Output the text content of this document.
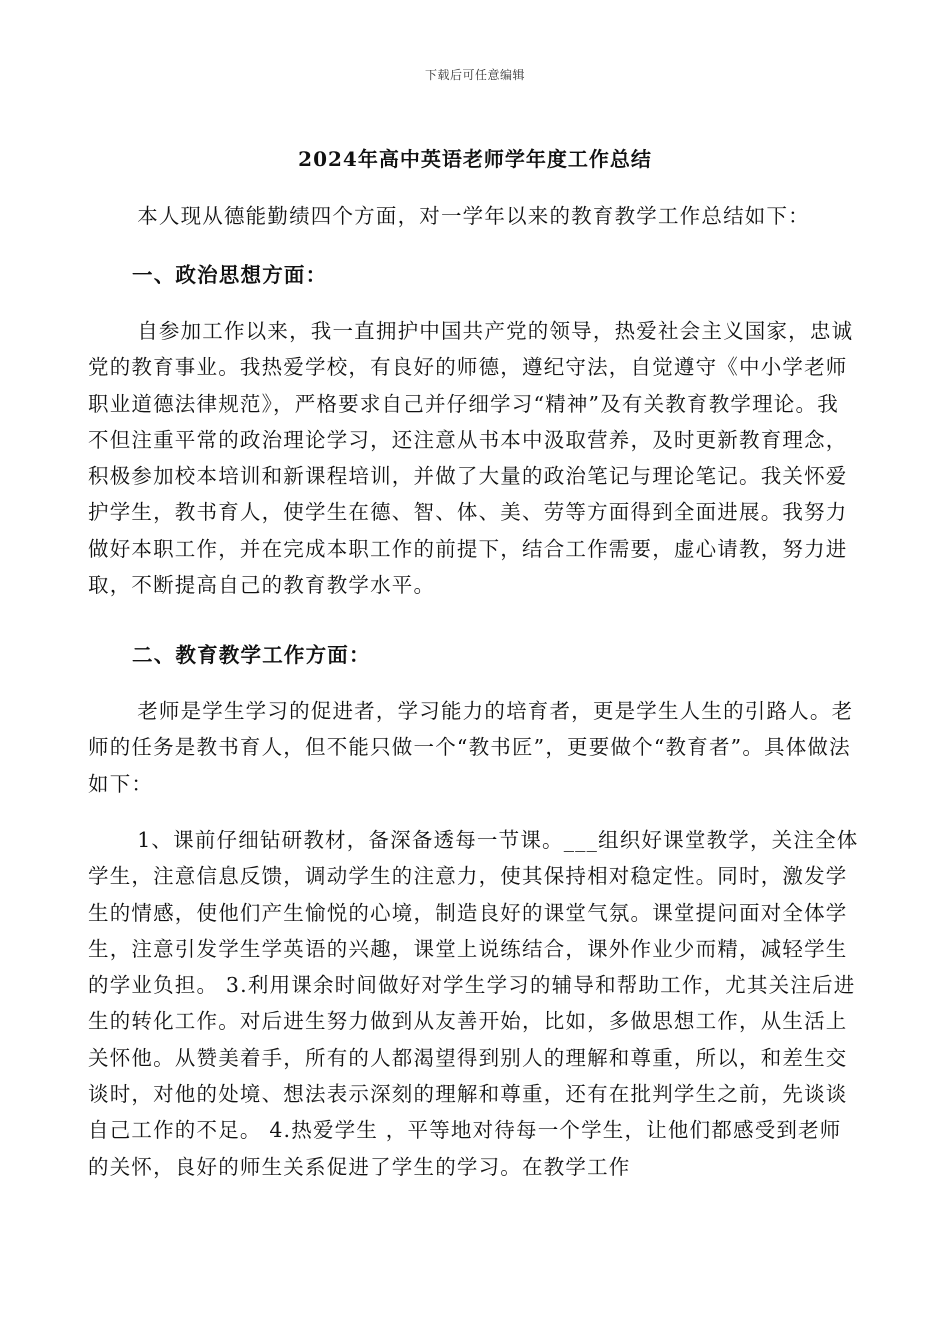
下载后可任意编辑
2024年高中英语老师学年度工作总结

本人现从德能勤绩四个方面，对一学年以来的教育教学工作总结如下：

一、政治思想方面：

自参加工作以来，我一直拥护中国共产党的领导，热爱社会主义国家，忠诚党的教育事业。我热爱学校，有良好的师德，遵纪守法，自觉遵守《中小学老师职业道德法律规范》，严格要求自己并仔细学习“精神”及有关教育教学理论。我不但注重平常的政治理论学习，还注意从书本中汲取营养，及时更新教育理念，积极参加校本培训和新课程培训，并做了大量的政治笔记与理论笔记。我关怀爱护学生，教书育人，使学生在德、智、体、美、劳等方面得到全面进展。我努力做好本职工作，并在完成本职工作的前提下，结合工作需要，虚心请教，努力进取，不断提高自己的教育教学水平。

二、教育教学工作方面：

老师是学生学习的促进者，学习能力的培育者，更是学生人生的引路人。老师的任务是教书育人，但不能只做一个“教书匠”，更要做个“教育者”。具体做法如下：

1、课前仔细钻研教材，备深备透每一节课。___组织好课堂教学，关注全体学生，注意信息反馈，调动学生的注意力，使其保持相对稳定性。同时，激发学生的情感，使他们产生愉悦的心境，制造良好的课堂气氛。课堂提问面对全体学生，注意引发学生学英语的兴趣，课堂上说练结合，课外作业少而精，减轻学生的学业负担。 3.利用课余时间做好对学生学习的辅导和帮助工作，尤其关注后进生的转化工作。对后进生努力做到从友善开始，比如，多做思想工作，从生活上关怀他。从赞美着手，所有的人都渴望得到别人的理解和尊重，所以，和差生交谈时，对他的处境、想法表示深刻的理解和尊重，还有在批判学生之前，先谈谈自己工作的不足。 4.热爱学生 ，平等地对待每一个学生，让他们都感受到老师的关怀，良好的师生关系促进了学生的学习。在教学工作
